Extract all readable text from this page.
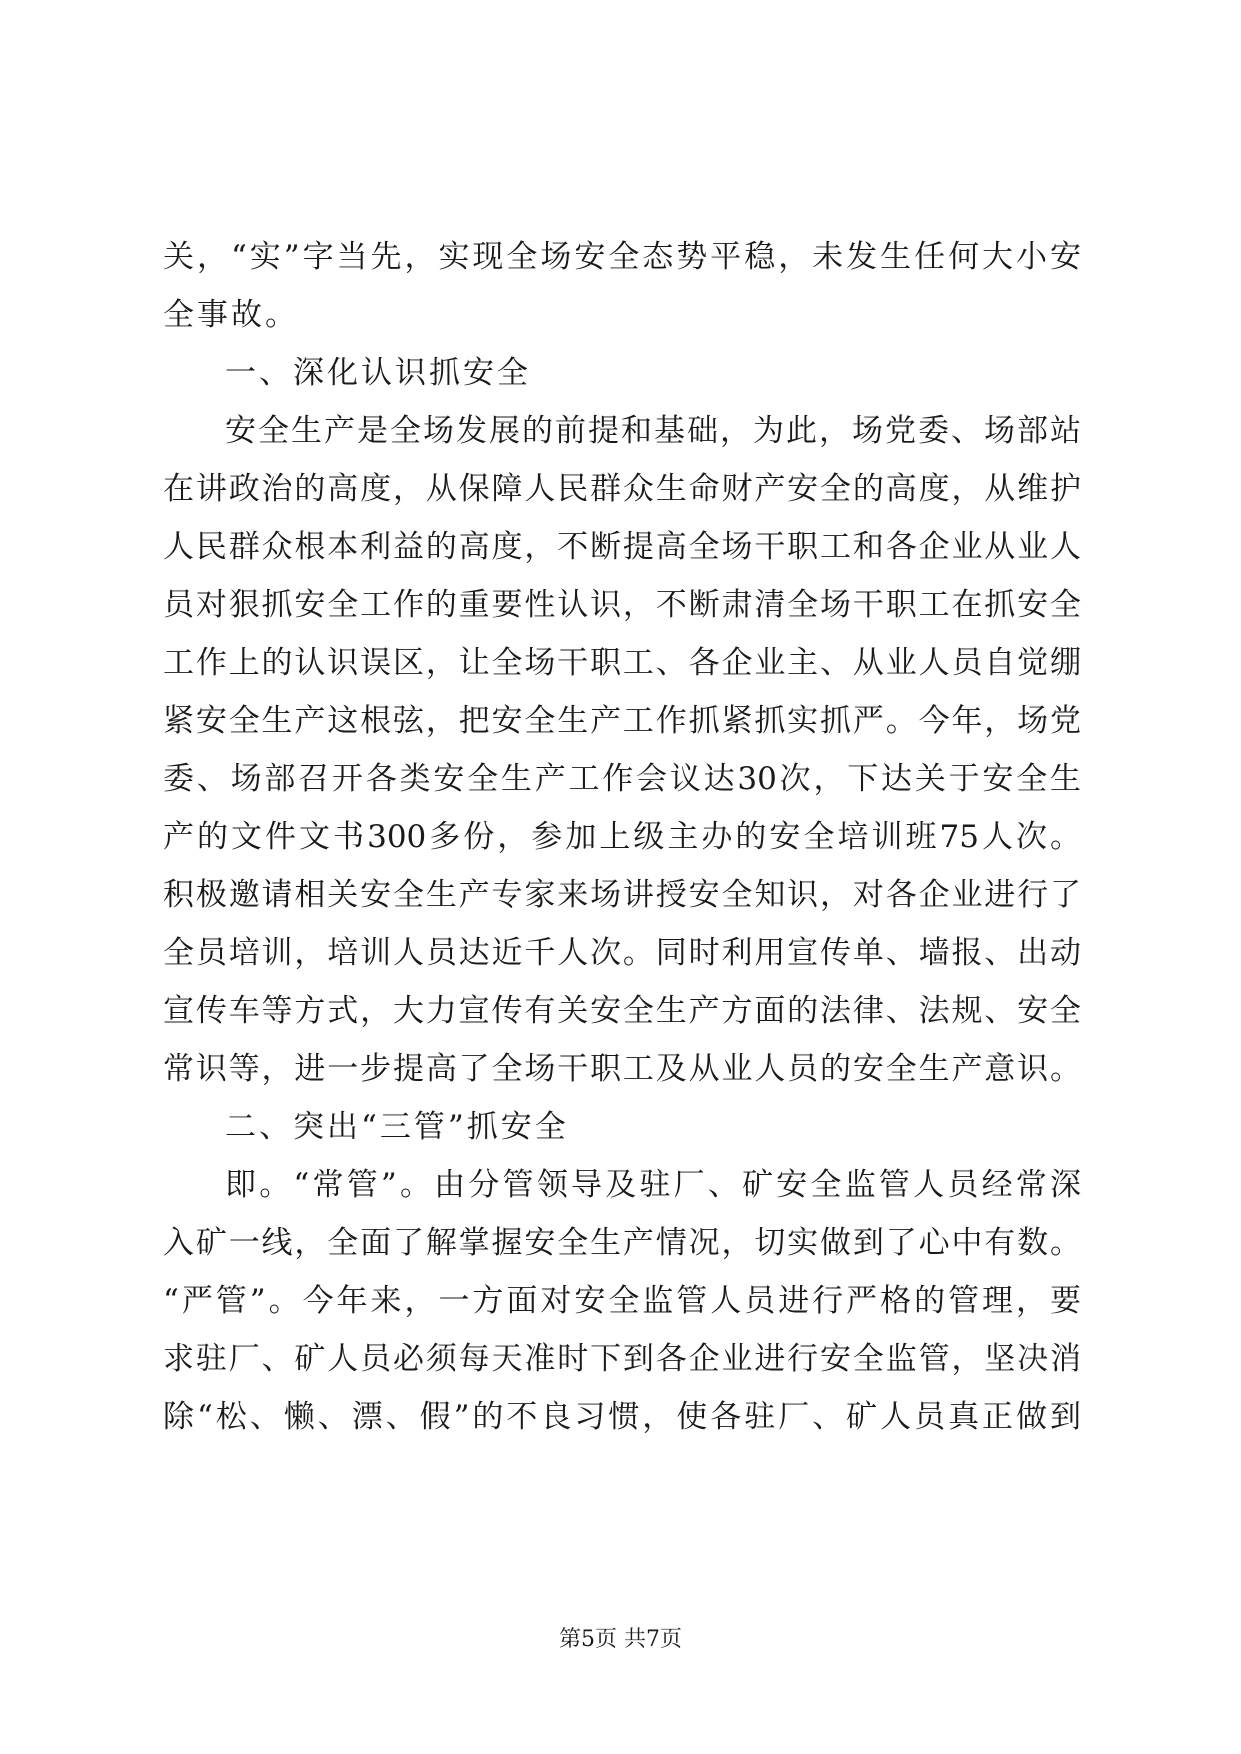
关，“实”字当先，实现全场安全态势平稳，未发生任何大小安
全事故。
一、深化认识抓安全
安全生产是全场发展的前提和基础，为此，场党委、场部站
在讲政治的高度，从保障人民群众生命财产安全的高度，从维护
人民群众根本利益的高度，不断提高全场干职工和各企业从业人
员对狠抓安全工作的重要性认识，不断肃清全场干职工在抓安全
工作上的认识误区，让全场干职工、各企业主、从业人员自觉绷
紧安全生产这根弦，把安全生产工作抓紧抓实抓严。今年，场党
委、场部召开各类安全生产工作会议达30次，下达关于安全生
产的文件文书300多份，参加上级主办的安全培训班75人次。
积极邀请相关安全生产专家来场讲授安全知识，对各企业进行了
全员培训，培训人员达近千人次。同时利用宣传单、墙报、出动
宣传车等方式，大力宣传有关安全生产方面的法律、法规、安全
常识等，进一步提高了全场干职工及从业人员的安全生产意识。
二、突出“三管”抓安全
即。“常管”。由分管领导及驻厂、矿安全监管人员经常深
入矿一线，全面了解掌握安全生产情况，切实做到了心中有数。
“严管”。今年来，一方面对安全监管人员进行严格的管理，要
求驻厂、矿人员必须每天准时下到各企业进行安全监管，坚决消
除“松、懒、漂、假”的不良习惯，使各驻厂、矿人员真正做到
第5页 共7页
